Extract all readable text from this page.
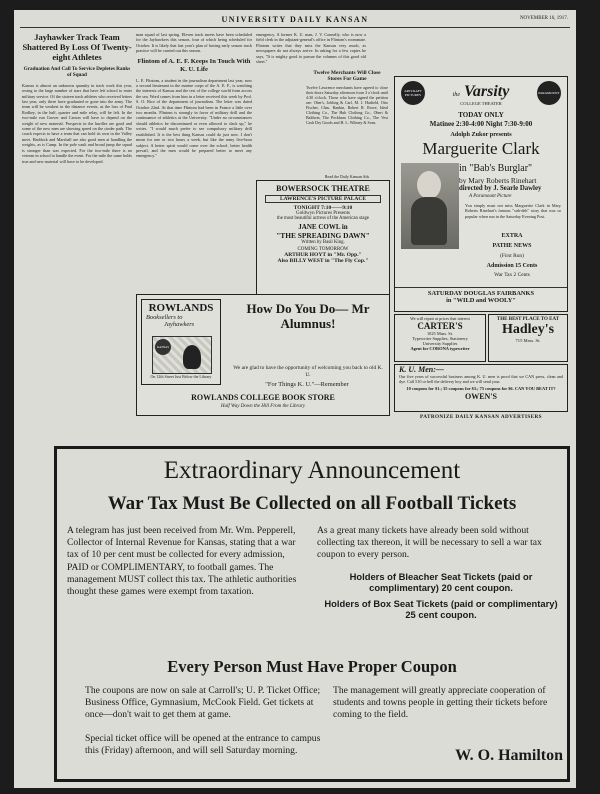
UNIVERSITY DAILY KANSAN	NOVEMBER 16, 1917.
Jayhawker Track Team Shattered By Loss Of Twenty-eight Athletes

Graduation And Call To Service Depletes Ranks of Squad

Kansas is almost an unknown quantity in track work this year, owing to the large number of stars that have left school to enter military service. Of the sixteen track athletes who received letters last year, only three have graduated or gone into the army. The team will be weakest in the distance events, as the loss of Paul Rodkey, in the half, quarter and mile relay, will be felt. In the two-mile run Grover and Carson will have to depend on the weight of new material. Prospects in the hurdles are good and some of the new men are showing speed on the cinder path. The coach expects to have a team that can hold its own in the Valley meet. Haddock and Marshall are also good men at handling the weights, as is Camp. In the pole vault and broad jump the squad is stronger than was expected. For the two-mile there is no veteran in school to handle the event. For the mile the same holds true and new material will have to be developed.

man squad of last spring. Eleven track meets have been scheduled for the Jayhawkers this season, four of which being scheduled for October. It is likely that last year's plan of having early season track practice will be carried out this season.

Flintom of A. E. F. Keeps In Touch With K. U. Life

L. E. Flintom, a student in the journalism department last year, now a second lieutenant in the marine corps of the A. E. F., is watching the interests of Kansas and the rest of the college world from across the sea. Word comes from him in a letter received this week by Prof. S. O. Rice of the department of journalism. The letter was dated October 22nd. At that time Flintom had been in France a little over two months. Flintom is strongly in favor of military drill and the continuance of athletics at the University. "Under no circumstances should athletics be discontinued or even allowed to slack up," he writes. "I would much prefer to see compulsory military drill established. It is the best thing Kansas could do just now. I don't mean for one or two hours a week, but like the army five-hour subject. A better spirit would come over the school, better health prevail, and the men would be prepared better to meet any emergency."

emergency. A former K. U. man, J. V. Connelly, who is now a field clerk in the adjutant-general's office in Flintom's roommate. Flintom writes that they miss the Kansan very much, as newspapers do not always arrive. In asking for a few copies he says, "It is mighty good to pursue the columns of this good old sheet."

Twelve Merchants Will Close Stores For Game

Twelve Lawrence merchants have agreed to close their doors Saturday afternoon from 3 o'clock until 4:30 o'clock. Those who have signed the petition are: Ober's, Jobling & Carl, M. J. Hatfield, Otto Fischer, Chas. Rankin, Robert R. Rowe, Ideal Clothing Co., The Hub Clothing Co., Obert & Baldwin, The Peckham Clothing Co., The Vest Cash Dry Goods and H. L. Wilmey & Sons.

Read the Daily Kansan Ads
BOWERSOCK THEATRE
LAWRENCE'S PICTURE PALACE
TONIGHT 7:10——9:10
Goldwyn Pictures Presents
the most beautiful actress of the American stage
JANE COWL in
"THE SPREADING DAWN"
Written by Basil King.
COMING TOMORROW
ARTHUR HOYT in "Mr. Opp."
Also BILLY WEST in "The Fly Cop."
ARTCRAFT PICTURES	the Varsity
COLLEGE THEATER
PARAMOUNT
TODAY ONLY
Matinee 2:30-4:00 Night 7:30-9:00
Adolph Zukor presents
Marguerite Clark
in "Bab's Burglar"
by Mary Roberts Rinehart
directed by J. Searle Dawley
A Paramount Picture
You simply must not miss Marguerite Clark in Mary Roberts Rinehart's famous "sub-deb" story that was so popular when run in the Saturday Evening Post.
EXTRA
PATHE NEWS
(First Run)
Admission 15 Cents
War Tax 2 Cents
SATURDAY DOUGLAS FAIRBANKS
in "WILD and WOOLY"
ROWLANDS
Booksellers to
Jayhawkers
KANSAS
On 12th Street Just Below the Library
How Do You Do— Mr Alumnus!
We are glad to have the opportunity of welcoming you back to old K. U.
"For Things K. U."—Remember
ROWLANDS COLLEGE BOOK STORE
Half Way Down the Hill From the Library
We will repair at prices that interest
CARTER'S
1025 Mass. St.
Typewriter Supplies, Stationery
University Supplies
Agent for CORONA typewriter
THE BEST PLACE TO EAT
Hadley's
715 Mass. St.
K. U. Men:—
Our five years of successful business among K. U. men is proof that we CAN press, clean and dye. Call 510 or bell the delivery boy and we will send your.
10 coupons for $1.; 35 coupons for $3.; 75 coupons for $6. CAN YOU BEAT IT?
OWEN'S
PATRONIZE DAILY KANSAN ADVERTISERS
Extraordinary Announcement
War Tax Must Be Collected on all Football Tickets
A telegram has just been received from Mr. Wm. Pepperell, Collector of Internal Revenue for Kansas, stating that a war tax of 10 per cent must be collected for every admission, PAID or COMPLIMENTARY, to football games. The management MUST collect this tax. The athletic authorities thought these games were exempt from taxation.
As a great many tickets have already been sold without collecting tax thereon, it will be necessary to sell a war tax coupon to every person.
Holders of Bleacher Seat Tickets (paid or complimentary) 20 cent coupon.
Holders of Box Seat Tickets (paid or complimentary) 25 cent coupon.
Every Person Must Have Proper Coupon
The coupons are now on sale at Carroll's; U. P. Ticket Office; Business Office, Gymnasium, McCook Field. Get tickets at once—don't wait to get them at game.
Special ticket office will be opened at the entrance to campus this (Friday) afternoon, and will sell Saturday morning.
The management will greatly appreciate cooperation of students and towns people in getting their tickets before coming to the field.
W. O. Hamilton
